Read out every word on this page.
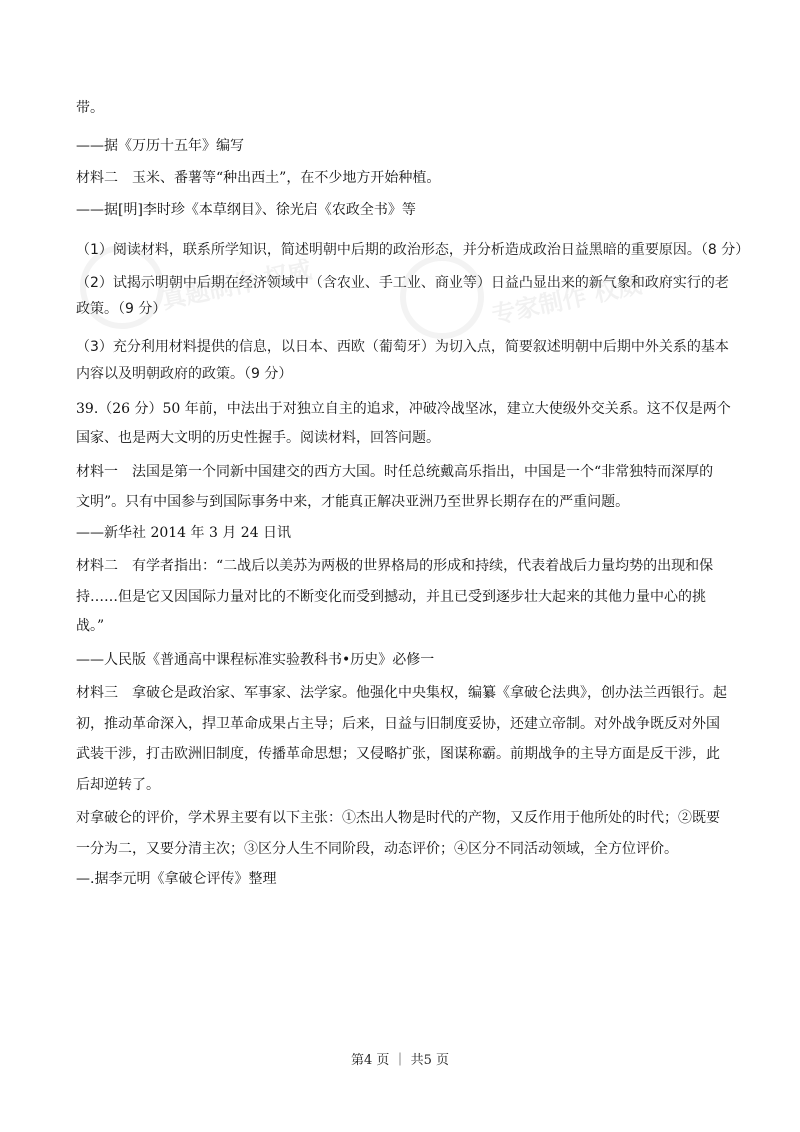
真题制作 权威	专家制作 权威
带。
——据《万历十五年》编写
材料二　玉米、番薯等“种出西土”，在不少地方开始种植。
——据[明]李时珍《本草纲目》、徐光启《农政全书》等
（1）阅读材料，联系所学知识，简述明朝中后期的政治形态，并分析造成政治日益黑暗的重要原因。（8 分）
（2）试揭示明朝中后期在经济领域中（含农业、手工业、商业等）日益凸显出来的新气象和政府实行的老
政策。（9 分）
（3）充分利用材料提供的信息，以日本、西欧（葡萄牙）为切入点，简要叙述明朝中后期中外关系的基本
内容以及明朝政府的政策。（9 分）
39.（26 分）50 年前，中法出于对独立自主的追求，冲破冷战坚冰，建立大使级外交关系。这不仅是两个
国家、也是两大文明的历史性握手。阅读材料，回答问题。
材料一　法国是第一个同新中国建交的西方大国。时任总统戴高乐指出，中国是一个“非常独特而深厚的
文明”。只有中国参与到国际事务中来，才能真正解决亚洲乃至世界长期存在的严重问题。
——新华社 2014 年 3 月 24 日讯
材料二　有学者指出：“二战后以美苏为两极的世界格局的形成和持续，代表着战后力量均势的出现和保
持……但是它又因国际力量对比的不断变化而受到撼动，并且已受到逐步壮大起来的其他力量中心的挑
战。”
——人民版《普通高中课程标准实验教科书•历史》必修一
材料三　拿破仑是政治家、军事家、法学家。他强化中央集权，编纂《拿破仑法典》，创办法兰西银行。起
初，推动革命深入，捍卫革命成果占主导；后来，日益与旧制度妥协，还建立帝制。对外战争既反对外国
武装干涉，打击欧洲旧制度，传播革命思想；又侵略扩张，图谋称霸。前期战争的主导方面是反干涉，此
后却逆转了。
对拿破仑的评价，学术界主要有以下主张：①杰出人物是时代的产物，又反作用于他所处的时代；②既要
一分为二，又要分清主次；③区分人生不同阶段，动态评价；④区分不同活动领域，全方位评价。
—.据李元明《拿破仑评传》整理
第4 页 ｜ 共5 页
